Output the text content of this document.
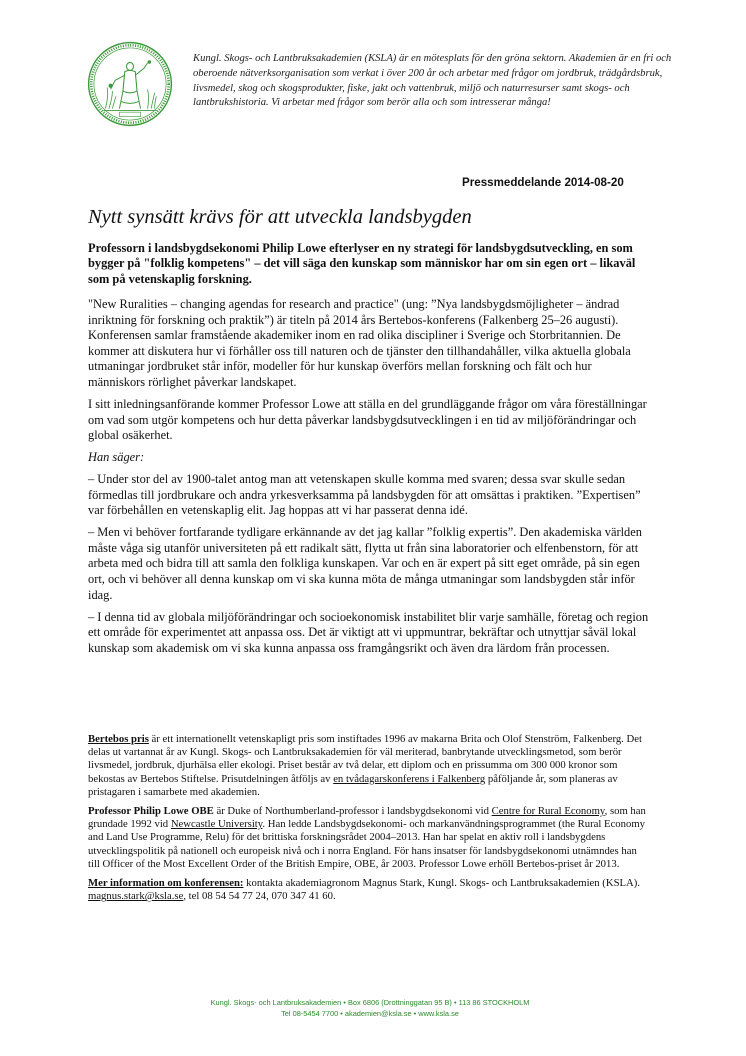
Kungl. Skogs- och Lantbruksakademien (KSLA) är en mötesplats för den gröna sektorn. Akademien är en fri och oberoende nätverksorganisation som verkat i över 200 år och arbetar med frågor om jordbruk, trädgårdsbruk, livsmedel, skog och skogsprodukter, fiske, jakt och vattenbruk, miljö och naturresurser samt skogs- och lantbrukshistoria. Vi arbetar med frågor som berör alla och som intresserar många!
Pressmeddelande 2014-08-20
Nytt synsätt krävs för att utveckla landsbygden
Professorn i landsbygdsekonomi Philip Lowe efterlyser en ny strategi för landsbygdsutveckling, en som bygger på "folklig kompetens" – det vill säga den kunskap som människor har om sin egen ort – likaväl som på vetenskaplig forskning.

"New Ruralities – changing agendas for research and practice" (ung: ”Nya landsbygdsmöjligheter – ändrad inriktning för forskning och praktik”) är titeln på 2014 års Bertebos-konferens (Falkenberg 25–26 augusti). Konferensen samlar framstående akademiker inom en rad olika discipliner i Sverige och Storbritannien. De kommer att diskutera hur vi förhåller oss till naturen och de tjänster den tillhandahåller, vilka aktuella globala utmaningar jordbruket står inför, modeller för hur kunskap överförs mellan forskning och fält och hur människors rörlighet påverkar landskapet.

I sitt inledningsanförande kommer Professor Lowe att ställa en del grundläggande frågor om våra föreställningar om vad som utgör kompetens och hur detta påverkar landsbygdsutvecklingen i en tid av miljöförändringar och global osäkerhet.

Han säger:

– Under stor del av 1900-talet antog man att vetenskapen skulle komma med svaren; dessa svar skulle sedan förmedlas till jordbrukare och andra yrkesverksamma på landsbygden för att omsättas i praktiken. ”Expertisen” var förbehållen en vetenskaplig elit. Jag hoppas att vi har passerat denna idé.

– Men vi behöver fortfarande tydligare erkännande av det jag kallar ”folklig expertis”. Den akademiska världen måste våga sig utanför universiteten på ett radikalt sätt, flytta ut från sina laboratorier och elfenbenstorn, för att arbeta med och bidra till att samla den folkliga kunskapen. Var och en är expert på sitt eget område, på sin egen ort, och vi behöver all denna kunskap om vi ska kunna möta de många utmaningar som landsbygden står inför idag.

– I denna tid av globala miljöförändringar och socioekonomisk instabilitet blir varje samhälle, företag och region ett område för experimentet att anpassa oss. Det är viktigt att vi uppmuntrar, bekräftar och utnyttjar såväl lokal kunskap som akademisk om vi ska kunna anpassa oss framgångsrikt och även dra lärdom från processen.

Bertebos pris är ett internationellt vetenskapligt pris som instiftades 1996 av makarna Brita och Olof Stenström, Falkenberg. Det delas ut vartannat år av Kungl. Skogs- och Lantbruksakademien för väl meriterad, banbrytande utvecklingsmetod, som berör livsmedel, jordbruk, djurhälsa eller ekologi. Priset består av två delar, ett diplom och en prissumma om 300 000 kronor som bekostas av Bertebos Stiftelse. Prisutdelningen åtföljs av en tvådagarskonferens i Falkenberg påföljande år, som planeras av pristagaren i samarbete med akademien.

Professor Philip Lowe OBE är Duke of Northumberland-professor i landsbygdsekonomi vid Centre for Rural Economy, som han grundade 1992 vid Newcastle University. Han ledde Landsbygdsekonomi- och markanvändningsprogrammet (the Rural Economy and Land Use Programme, Relu) för det brittiska forskningsrådet 2004–2013. Han har spelat en aktiv roll i landsbygdens utvecklingspolitik på nationell och europeisk nivå och i norra England. För hans insatser för landsbygdsekonomi utnämndes han till Officer of the Most Excellent Order of the British Empire, OBE, år 2003. Professor Lowe erhöll Bertebos-priset år 2013.

Mer information om konferensen: kontakta akademiagronom Magnus Stark, Kungl. Skogs- och Lantbruksakademien (KSLA). magnus.stark@ksla.se, tel 08 54 54 77 24, 070 347 41 60.

Kungl. Skogs- och Lantbruksakademien • Box 6806 (Drottninggatan 95 B) • 113 86 STOCKHOLM
Tel 08-5454 7700 • akademien@ksla.se • www.ksla.se
